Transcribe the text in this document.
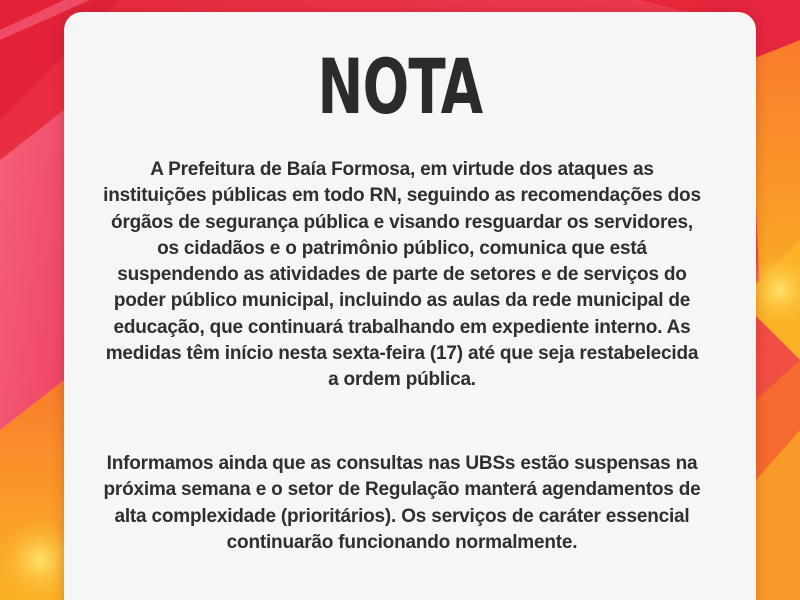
NOTA

A Prefeitura de Baía Formosa, em virtude dos ataques as instituições públicas em todo RN, seguindo as recomendações dos órgãos de segurança pública e visando resguardar os servidores, os cidadãos e o patrimônio público, comunica que está suspendendo as atividades de parte de setores e de serviços do poder público municipal, incluindo as aulas da rede municipal de educação, que continuará trabalhando em expediente interno. As medidas têm início nesta sexta-feira (17) até que seja restabelecida a ordem pública.

Informamos ainda que as consultas nas UBSs estão suspensas na próxima semana e o setor de Regulação manterá agendamentos de alta complexidade (prioritários). Os serviços de caráter essencial continuarão funcionando normalmente.
